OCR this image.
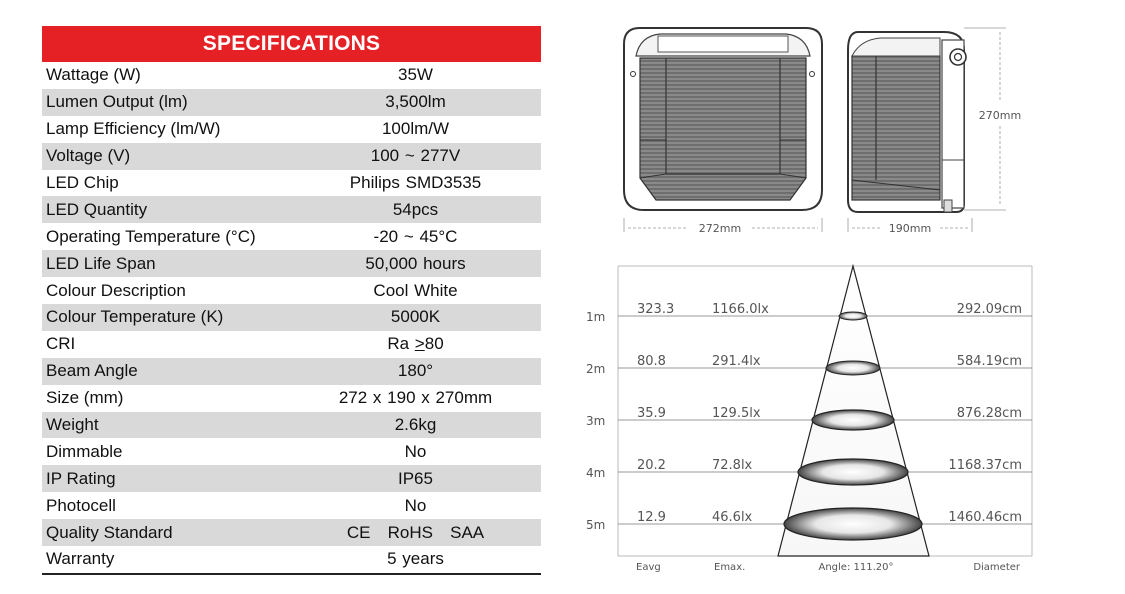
SPECIFICATIONS
Wattage (W)	35W
Lumen Output (lm)	3,500lm
Lamp Efficiency (lm/W)	100lm/W
Voltage (V)	100 ~ 277V
LED Chip	Philips SMD3535
LED Quantity	54pcs
Operating Temperature (°C)	-20 ~ 45°C
LED Life Span	50,000 hours
Colour Description	Cool White
Colour Temperature (K)	5000K
CRI	Ra ≥80
Beam Angle	180°
Size (mm)	272 x 190 x 270mm
Weight	2.6kg
Dimmable	No
IP Rating	IP65
Photocell	No
Quality Standard	CE   RoHS   SAA
Warranty	5 years
272mm	190mm
270mm
1m 323.3	1166.0lx	292.09cm
2m 80.8	291.4lx	584.19cm
3m 35.9	129.5lx	876.28cm
4m 20.2	72.8lx	1168.37cm
5m 12.9	46.6lx	1460.46cm
Eavg	Emax.	Angle: 111.20°	Diameter
